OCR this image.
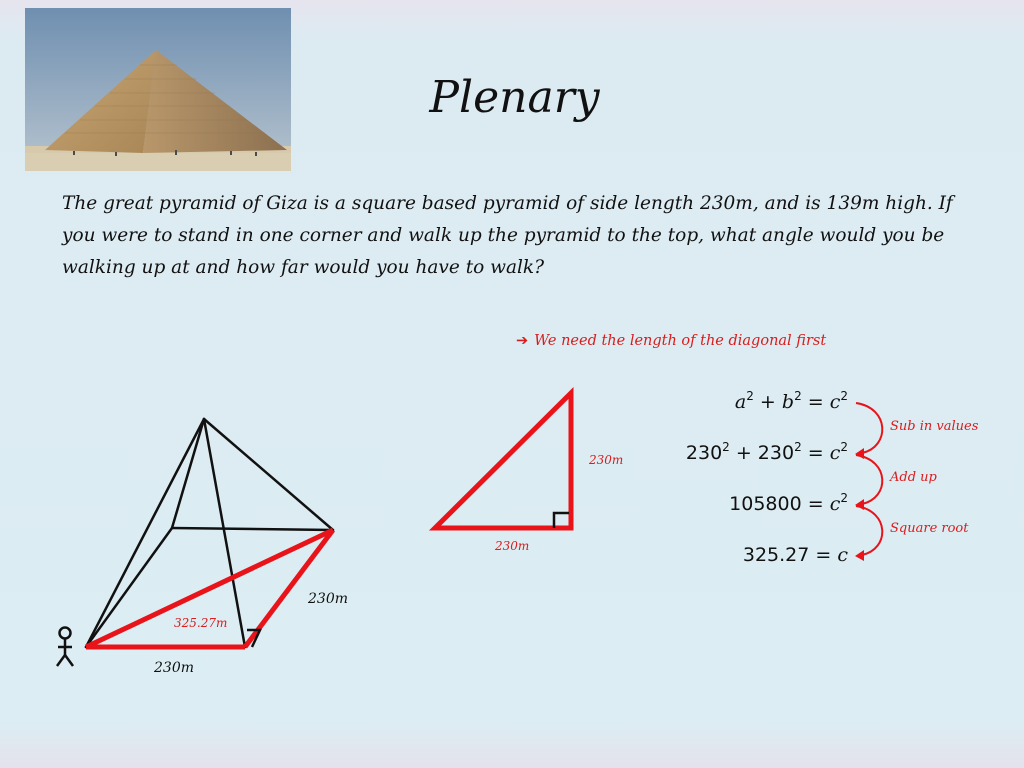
Plenary
The great pyramid of Giza is a square based pyramid of side length 230m, and is 139m high. If you were to stand in one corner and walk up the pyramid to the top, what angle would you be walking up at and how far would you have to walk?
➔ We need the length of the diagonal first
230m
325.27m
230m
230m
230m
$a^2 + b^2 = c^2$
$230^2 + 230^2 = c^2$
$105800 = c^2$
325.27 = c
Sub in values
Add up
Square root
